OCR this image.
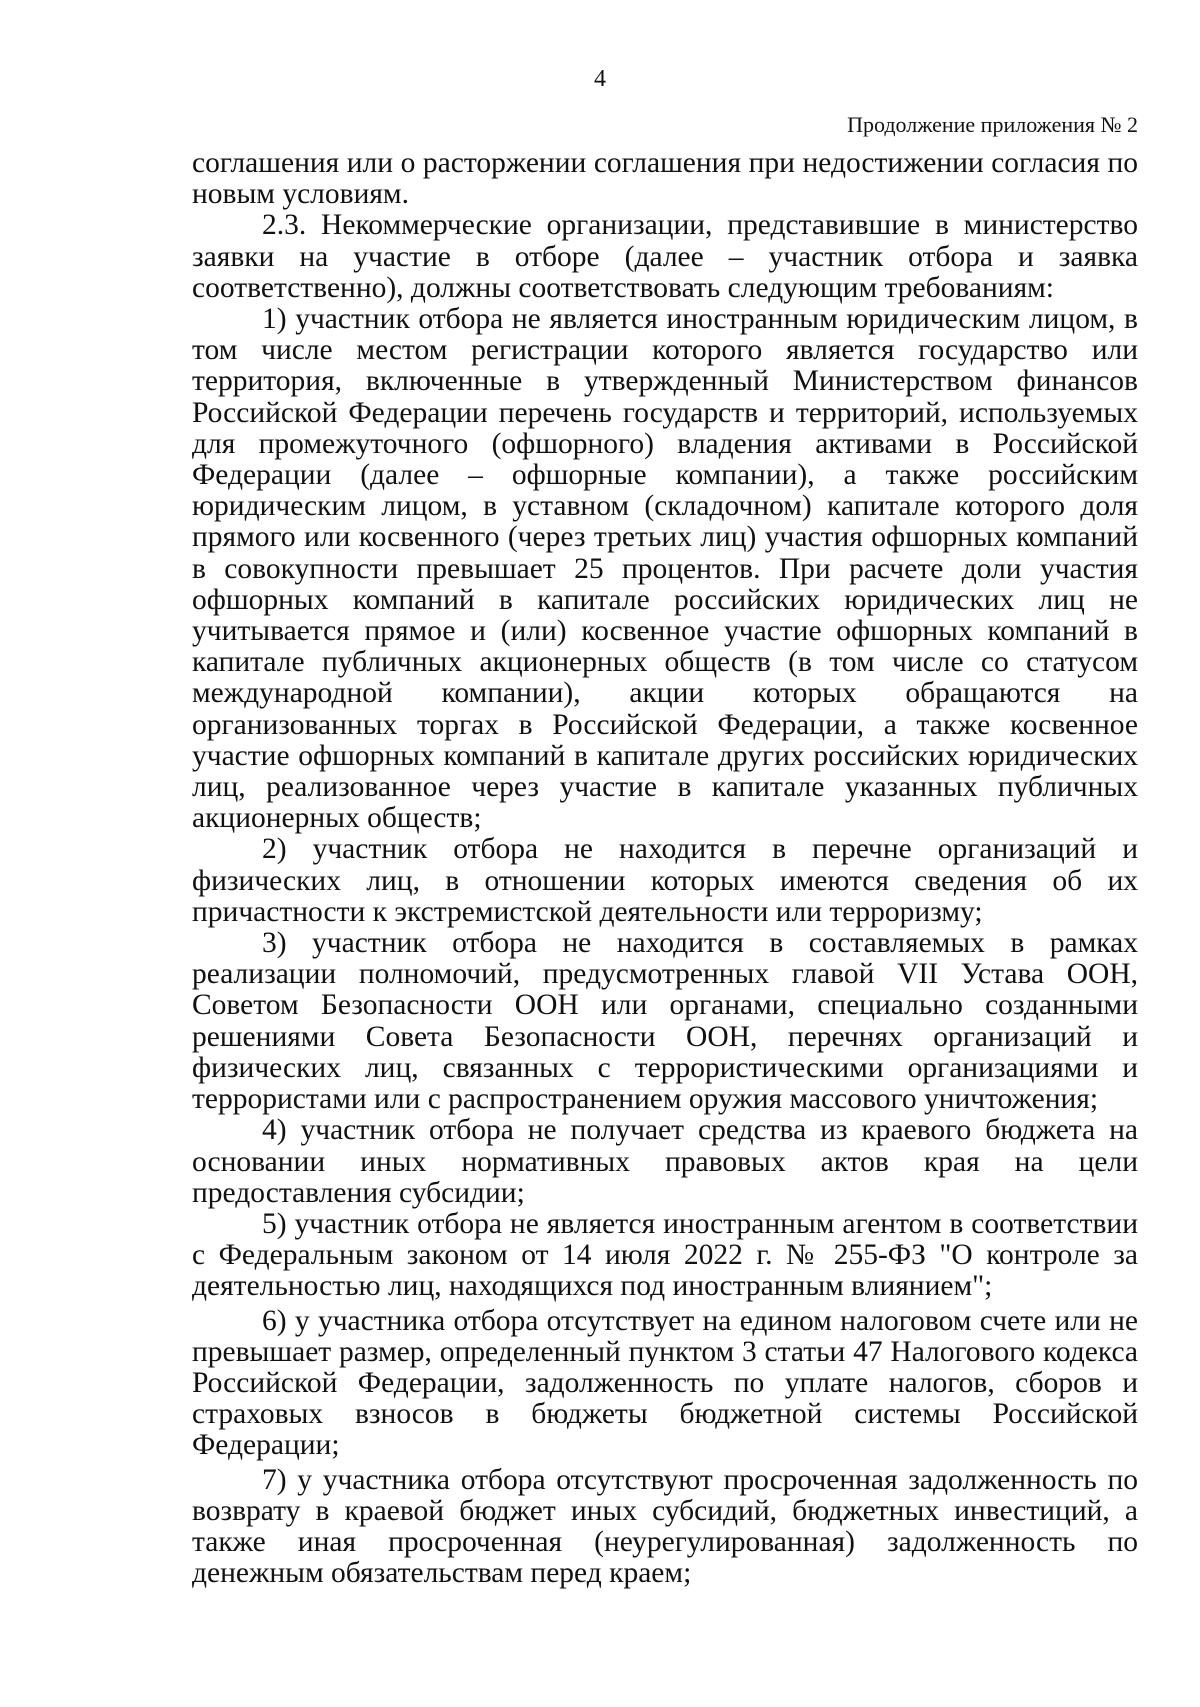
4
Продолжение приложения № 2

соглашения или о расторжении соглашения при недостижении согласия по новым условиям.

2.3. Некоммерческие организации, представившие в министерство заявки на участие в отборе (далее – участник отбора и заявка соответственно), должны соответствовать следующим требованиям:

1) участник отбора не является иностранным юридическим лицом, в том числе местом регистрации которого является государство или территория, включенные в утвержденный Министерством финансов Российской Федерации перечень государств и территорий, используемых для промежуточного (офшорного) владения активами в Российской Федерации (далее – офшорные компании), а также российским юридическим лицом, в уставном (складочном) капитале которого доля прямого или косвенного (через третьих лиц) участия офшорных компаний в совокупности превышает 25 процентов. При расчете доли участия офшорных компаний в капитале российских юридических лиц не учитывается прямое и (или) косвенное участие офшорных компаний в капитале публичных акционерных обществ (в том числе со статусом международной компании), акции которых обращаются на организованных торгах в Российской Федерации, а также косвенное участие офшорных компаний в капитале других российских юридических лиц, реализованное через участие в капитале указанных публичных акционерных обществ;

2) участник отбора не находится в перечне организаций и физических лиц, в отношении которых имеются сведения об их причастности к экстремистской деятельности или терроризму;

3) участник отбора не находится в составляемых в рамках реализации полномочий, предусмотренных главой VII Устава ООН, Советом Безопасности ООН или органами, специально созданными решениями Совета Безопасности ООН, перечнях организаций и физических лиц, связанных с террористическими организациями и террористами или с распространением оружия массового уничтожения;

4) участник отбора не получает средства из краевого бюджета на основании иных нормативных правовых актов края на цели предоставления субсидии;

5) участник отбора не является иностранным агентом в соответствии с Федеральным законом от 14 июля 2022 г. № 255-ФЗ "О контроле за деятельностью лиц, находящихся под иностранным влиянием";

6) у участника отбора отсутствует на едином налоговом счете или не превышает размер, определенный пунктом 3 статьи 47 Налогового кодекса Российской Федерации, задолженность по уплате налогов, сборов и страховых взносов в бюджеты бюджетной системы Российской Федерации;

7) у участника отбора отсутствуют просроченная задолженность по возврату в краевой бюджет иных субсидий, бюджетных инвестиций, а также иная просроченная (неурегулированная) задолженность по денежным обязательствам перед краем;
